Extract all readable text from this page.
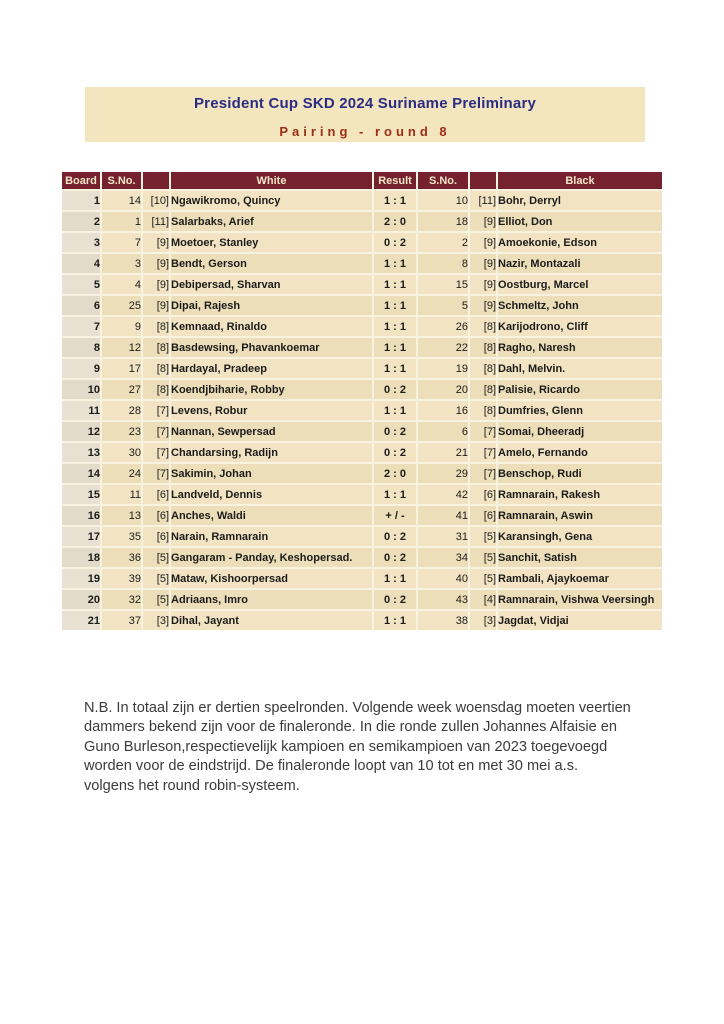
President Cup SKD 2024 Suriname Preliminary
Pairing - round 8
Board	S.No.		White	Result	S.No.		Black
1	14	[10]	Ngawikromo, Quincy	1 : 1	10	[11]	Bohr, Derryl
2	1	[11]	Salarbaks, Arief	2 : 0	18	[9]	Elliot, Don
3	7	[9]	Moetoer, Stanley	0 : 2	2	[9]	Amoekonie, Edson
4	3	[9]	Bendt, Gerson	1 : 1	8	[9]	Nazir, Montazali
5	4	[9]	Debipersad, Sharvan	1 : 1	15	[9]	Oostburg, Marcel
6	25	[9]	Dipai, Rajesh	1 : 1	5	[9]	Schmeltz, John
7	9	[8]	Kemnaad, Rinaldo	1 : 1	26	[8]	Karijodrono, Cliff
8	12	[8]	Basdewsing, Phavankoemar	1 : 1	22	[8]	Ragho, Naresh
9	17	[8]	Hardayal, Pradeep	1 : 1	19	[8]	Dahl, Melvin.
10	27	[8]	Koendjbiharie, Robby	0 : 2	20	[8]	Palisie, Ricardo
11	28	[7]	Levens, Robur	1 : 1	16	[8]	Dumfries, Glenn
12	23	[7]	Nannan, Sewpersad	0 : 2	6	[7]	Somai, Dheeradj
13	30	[7]	Chandarsing, Radijn	0 : 2	21	[7]	Amelo, Fernando
14	24	[7]	Sakimin, Johan	2 : 0	29	[7]	Benschop, Rudi
15	11	[6]	Landveld, Dennis	1 : 1	42	[6]	Ramnarain, Rakesh
16	13	[6]	Anches, Waldi	+ / -	41	[6]	Ramnarain, Aswin
17	35	[6]	Narain, Ramnarain	0 : 2	31	[5]	Karansingh, Gena
18	36	[5]	Gangaram - Panday, Keshopersad.	0 : 2	34	[5]	Sanchit, Satish
19	39	[5]	Mataw, Kishoorpersad	1 : 1	40	[5]	Rambali, Ajaykoemar
20	32	[5]	Adriaans, Imro	0 : 2	43	[4]	Ramnarain, Vishwa Veersingh
21	37	[3]	Dihal, Jayant	1 : 1	38	[3]	Jagdat, Vidjai
N.B. In totaal zijn er dertien speelronden. Volgende week woensdag moeten veertien
dammers bekend zijn voor de finaleronde. In die ronde zullen Johannes Alfaisie en
Guno Burleson,respectievelijk kampioen en semikampioen van 2023 toegevoegd
worden voor de eindstrijd. De finaleronde loopt van 10 tot en met 30 mei a.s.
volgens het round robin-systeem.
